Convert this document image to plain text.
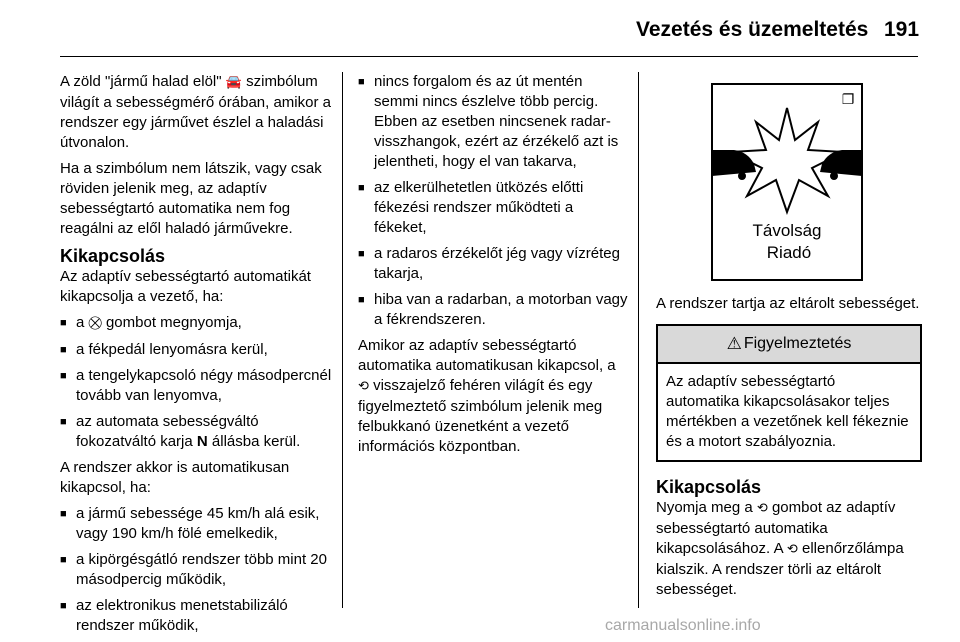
Vezetés és üzemeltetés 191

A zöld "jármű halad elöl" 🚘 szimbólum világít a sebességmérő órában, amikor a rendszer egy járművet észlel a haladási útvonalon.

Ha a szimbólum nem látszik, vagy csak röviden jelenik meg, az adaptív sebességtartó automatika nem fog reagálni az elől haladó járművekre.

Kikapcsolás

Az adaptív sebességtartó automatikát kikapcsolja a vezető, ha:

■ a ⛒ gombot megnyomja,
■ a fékpedál lenyomásra kerül,
■ a tengelykapcsoló négy másodpercnél tovább van lenyomva,
■ az automata sebességváltó fokozatváltó karja N állásba kerül.

A rendszer akkor is automatikusan kikapcsol, ha:

■ a jármű sebessége 45 km/h alá esik, vagy 190 km/h fölé emelkedik,
■ a kipörgésgátló rendszer több mint 20 másodpercig működik,
■ az elektronikus menetstabilizáló rendszer működik,
■ nincs forgalom és az út mentén semmi nincs észlelve több percig. Ebben az esetben nincsenek radar-visszhangok, ezért az érzékelő azt is jelentheti, hogy el van takarva,
■ az elkerülhetetlen ütközés előtti fékezési rendszer működteti a fékeket,
■ a radaros érzékelőt jég vagy vízréteg takarja,
■ hiba van a radarban, a motorban vagy a fékrendszeren.

Amikor az adaptív sebességtartó automatika automatikusan kikapcsol, a ⟲ visszajelző fehéren világít és egy figyelmeztető szimbólum jelenik meg felbukkanó üzenetként a vezető információs központban.

Távolság
Riadó
❐

A rendszer tartja az eltárolt sebességet.

⚠ Figyelmeztetés
Az adaptív sebességtartó automatika kikapcsolásakor teljes mértékben a vezetőnek kell fékeznie és a motort szabályoznia.
Kikapcsolás

Nyomja meg a ⟲ gombot az adaptív sebességtartó automatika kikapcsolásához. A ⟲ ellenőrzőlámpa kialszik. A rendszer törli az eltárolt sebességet.

carmanualsonline.info
